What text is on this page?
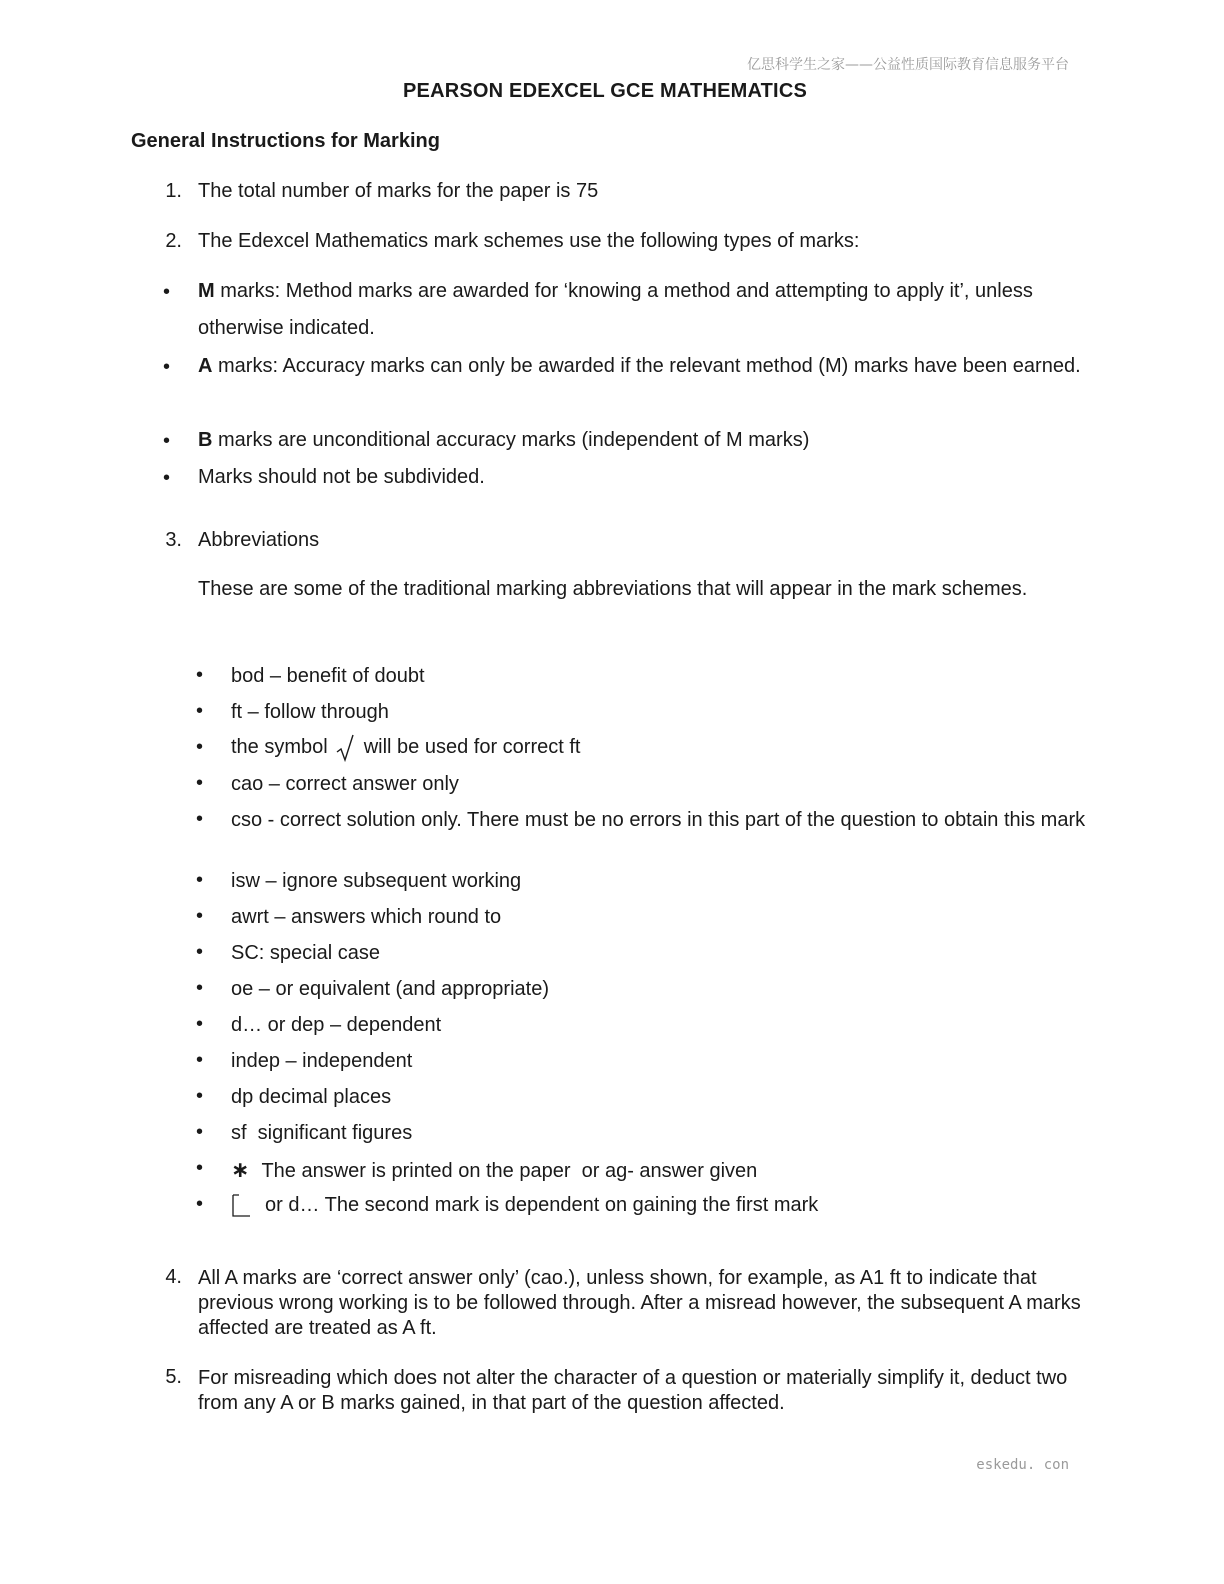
亿思科学生之家——公益性质国际教育信息服务平台
PEARSON EDEXCEL GCE MATHEMATICS
General Instructions for Marking
1. The total number of marks for the paper is 75
2. The Edexcel Mathematics mark schemes use the following types of marks:
• M marks: Method marks are awarded for ‘knowing a method and attempting to apply it’, unless otherwise indicated.
• A marks: Accuracy marks can only be awarded if the relevant method (M) marks have been earned.
• B marks are unconditional accuracy marks (independent of M marks)
• Marks should not be subdivided.
3. Abbreviations
These are some of the traditional marking abbreviations that will appear in the mark schemes.
• bod – benefit of doubt
• ft – follow through
• the symbol will be used for correct ft
• cao – correct answer only
• cso - correct solution only. There must be no errors in this part of the question to obtain this mark
• isw – ignore subsequent working
• awrt – answers which round to
• SC: special case
• oe – or equivalent (and appropriate)
• d… or dep – dependent
• indep – independent
• dp decimal places
• sf  significant figures
• ∗ The answer is printed on the paper  or ag- answer given
•	or d… The second mark is dependent on gaining the first mark
4. All A marks are ‘correct answer only’ (cao.), unless shown, for example, as A1 ft to indicate that previous wrong working is to be followed through. After a misread however, the subsequent A marks affected are treated as A ft.
5. For misreading which does not alter the character of a question or materially simplify it, deduct two from any A or B marks gained, in that part of the question affected.
eskedu. con
